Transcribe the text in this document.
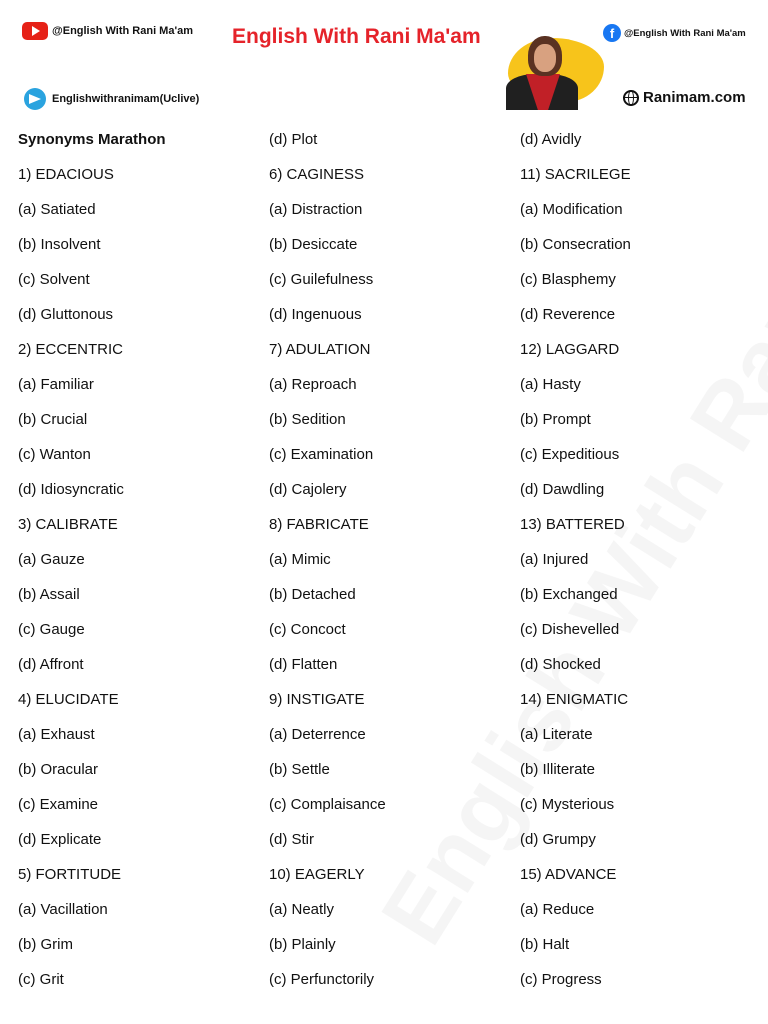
@English With Rani Ma'am English With Rani Ma'am	f	@English With Rani Ma'am
Englishwithranimam(Uclive)	Ranimam.com
Synonyms Marathon
1) EDACIOUS
(a) Satiated
(b) Insolvent
(c) Solvent
(d) Gluttonous
2) ECCENTRIC
(a) Familiar
(b) Crucial
(c) Wanton
(d) Idiosyncratic
3) CALIBRATE
(a) Gauze
(b) Assail
(c) Gauge
(d) Affront
4) ELUCIDATE
(a) Exhaust
(b) Oracular
(c) Examine
(d) Explicate
5) FORTITUDE
(a) Vacillation
(b) Grim
(c) Grit
(d) Plot
6) CAGINESS
(a) Distraction
(b) Desiccate
(c) Guilefulness
(d) Ingenuous
7) ADULATION
(a) Reproach
(b) Sedition
(c) Examination
(d) Cajolery
8) FABRICATE
(a) Mimic
(b) Detached
(c) Concoct
(d) Flatten
9) INSTIGATE
(a) Deterrence
(b) Settle
(c) Complaisance
(d) Stir
10) EAGERLY
(a) Neatly
(b) Plainly
(c) Perfunctorily
(d) Avidly
11) SACRILEGE
(a) Modification
(b) Consecration
(c) Blasphemy
(d) Reverence
12) LAGGARD
(a) Hasty
(b) Prompt
(c) Expeditious
(d) Dawdling
13) BATTERED
(a) Injured
(b) Exchanged
(c) Dishevelled
(d) Shocked
14) ENIGMATIC
(a) Literate
(b) Illiterate
(c) Mysterious
(d) Grumpy
15) ADVANCE
(a) Reduce
(b) Halt
(c) Progress
